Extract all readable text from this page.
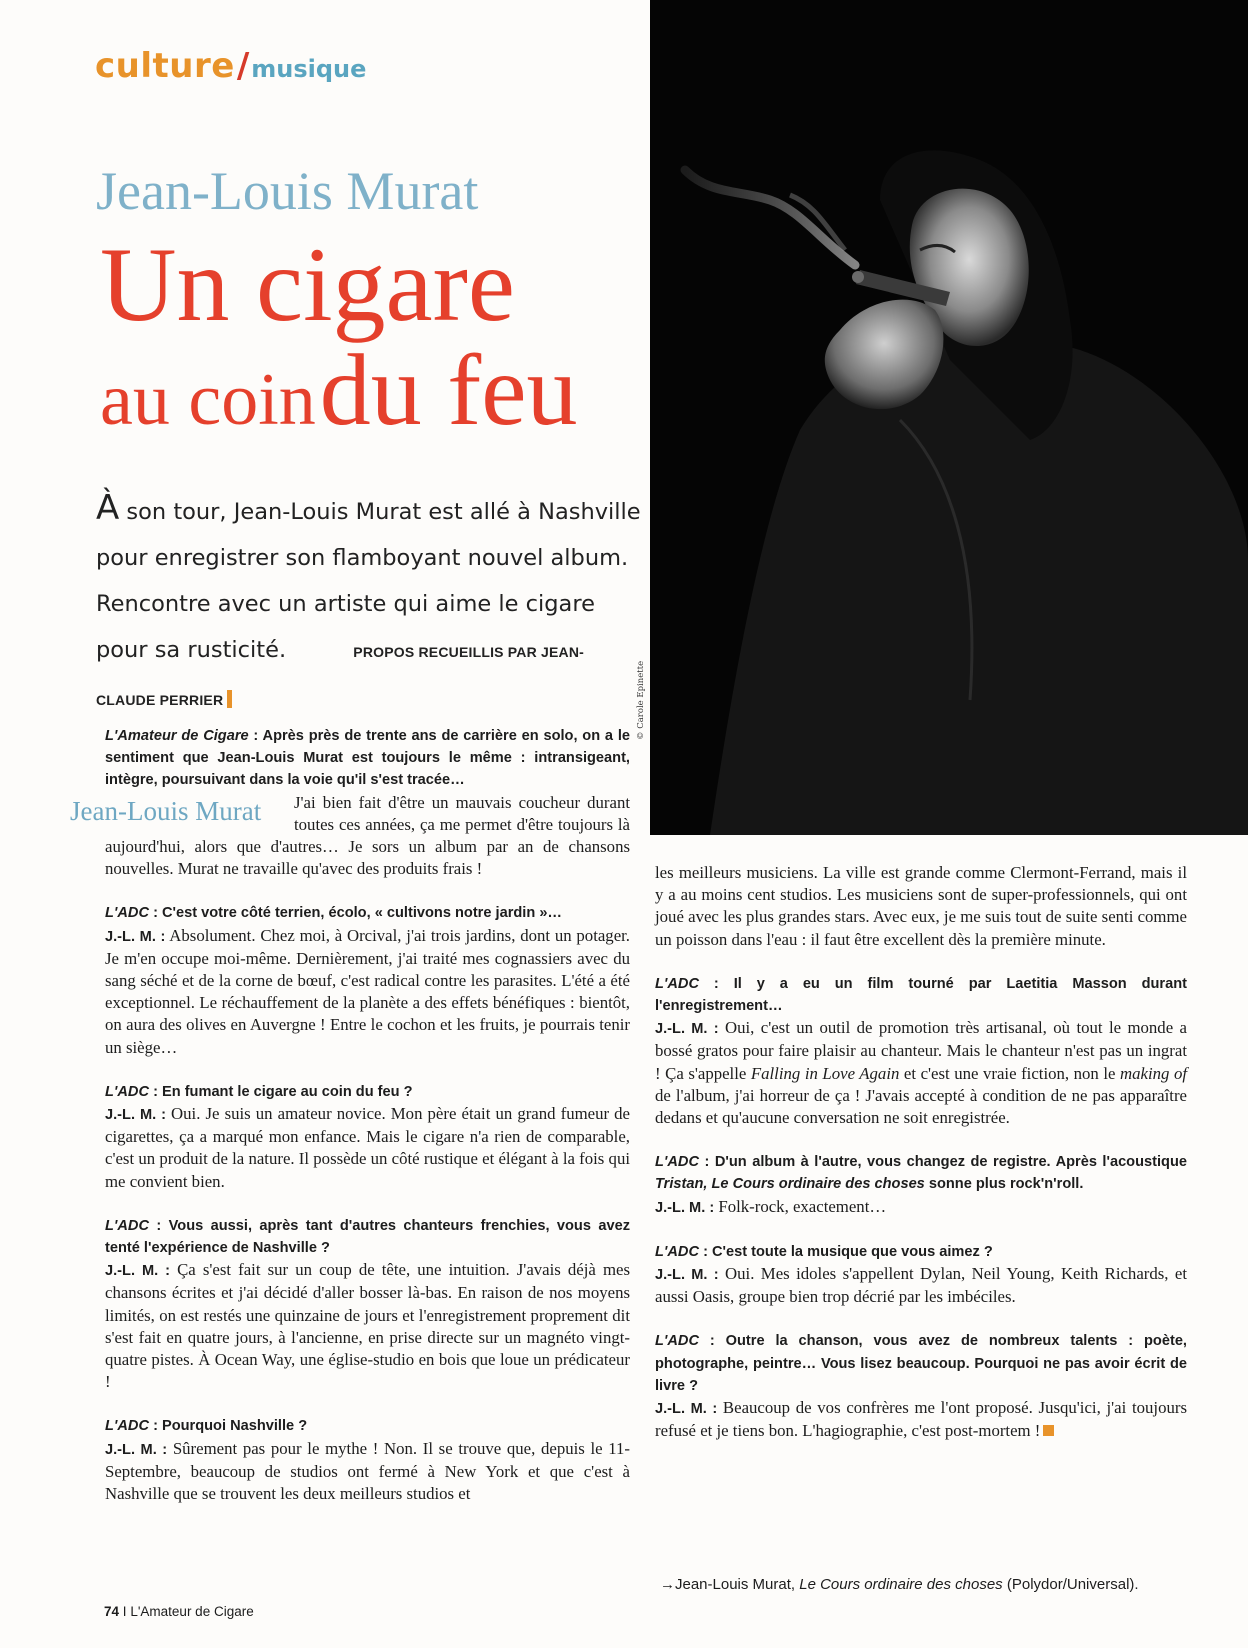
culture/musique
Jean-Louis Murat
Un cigare
au coin du feu
À son tour, Jean-Louis Murat est allé à Nashville pour enregistrer son flamboyant nouvel album. Rencontre avec un artiste qui aime le cigare pour sa rusticité.	PROPOS RECUEILLIS PAR JEAN-CLAUDE PERRIER	© Carole Epinette

L'Amateur de Cigare : Après près de trente ans de carrière en solo, on a le sentiment que Jean-Louis Murat est toujours le même : intransigeant, intègre, poursuivant dans la voie qu'il s'est tracée…

Jean-Louis Murat	J'ai bien fait d'être un mauvais coucheur durant toutes ces années, ça me permet d'être toujours là aujourd'hui, alors que d'autres… Je sors un album par an de chansons nouvelles. Murat ne travaille qu'avec des produits frais !

L'ADC : C'est votre côté terrien, écolo, « cultivons notre jardin »…

J.-L. M. : Absolument. Chez moi, à Orcival, j'ai trois jardins, dont un potager. Je m'en occupe moi-même. Dernièrement, j'ai traité mes cognassiers avec du sang séché et de la corne de bœuf, c'est radical contre les parasites. L'été a été exceptionnel. Le réchauffement de la planète a des effets bénéfiques : bientôt, on aura des olives en Auvergne ! Entre le cochon et les fruits, je pourrais tenir un siège…

L'ADC : En fumant le cigare au coin du feu ?

J.-L. M. : Oui. Je suis un amateur novice. Mon père était un grand fumeur de cigarettes, ça a marqué mon enfance. Mais le cigare n'a rien de comparable, c'est un produit de la nature. Il possède un côté rustique et élégant à la fois qui me convient bien.

L'ADC : Vous aussi, après tant d'autres chanteurs frenchies, vous avez tenté l'expérience de Nashville ?

J.-L. M. : Ça s'est fait sur un coup de tête, une intuition. J'avais déjà mes chansons écrites et j'ai décidé d'aller bosser là-bas. En raison de nos moyens limités, on est restés une quinzaine de jours et l'enregistrement proprement dit s'est fait en quatre jours, à l'ancienne, en prise directe sur un magnéto vingt-quatre pistes. À Ocean Way, une église-studio en bois que loue un prédicateur !

L'ADC : Pourquoi Nashville ?

J.-L. M. : Sûrement pas pour le mythe ! Non. Il se trouve que, depuis le 11-Septembre, beaucoup de studios ont fermé à New York et que c'est à Nashville que se trouvent les deux meilleurs studios et

les meilleurs musiciens. La ville est grande comme Clermont-Ferrand, mais il y a au moins cent studios. Les musiciens sont de super-professionnels, qui ont joué avec les plus grandes stars. Avec eux, je me suis tout de suite senti comme un poisson dans l'eau : il faut être excellent dès la première minute.

L'ADC : Il y a eu un film tourné par Laetitia Masson durant l'enregistrement…

J.-L. M. : Oui, c'est un outil de promotion très artisanal, où tout le monde a bossé gratos pour faire plaisir au chanteur. Mais le chanteur n'est pas un ingrat ! Ça s'appelle Falling in Love Again et c'est une vraie fiction, non le making of de l'album, j'ai horreur de ça ! J'avais accepté à condition de ne pas apparaître dedans et qu'aucune conversation ne soit enregistrée.

L'ADC : D'un album à l'autre, vous changez de registre. Après l'acoustique Tristan, Le Cours ordinaire des choses sonne plus rock'n'roll.

J.-L. M. : Folk-rock, exactement…

L'ADC : C'est toute la musique que vous aimez ?

J.-L. M. : Oui. Mes idoles s'appellent Dylan, Neil Young, Keith Richards, et aussi Oasis, groupe bien trop décrié par les imbéciles.

L'ADC : Outre la chanson, vous avez de nombreux talents : poète, photographe, peintre… Vous lisez beaucoup. Pourquoi ne pas avoir écrit de livre ?

J.-L. M. : Beaucoup de vos confrères me l'ont proposé. Jusqu'ici, j'ai toujours refusé et je tiens bon. L'hagiographie, c'est post-mortem !

→Jean-Louis Murat, Le Cours ordinaire des choses (Polydor/Universal).
74 I L'Amateur de Cigare
